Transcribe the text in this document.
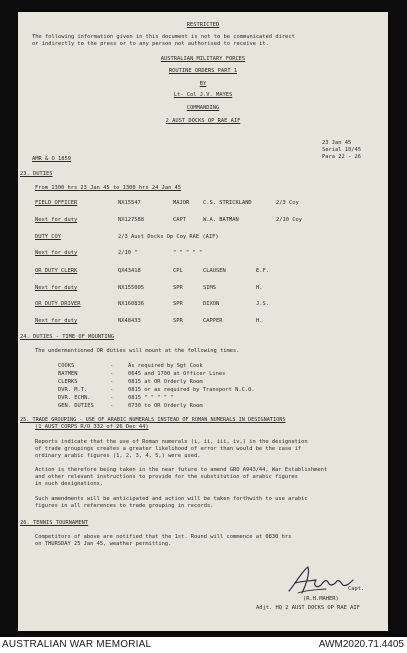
RESTRICTED
The following information given in this document is not to be communicated direct
or indirectly to the press or to any person not authorised to receive it.
AUSTRALIAN MILITARY FORCES
ROUTINE ORDERS PART 1
BY
Lt- Col J.V. MAYES
COMMANDING
2 AUST DOCKS OP RAE AIF
23 Jan 45
Serial 10/45
Para 22 - 26
AMR & O 1859
23. DUTIES
From 1300 hrs 23 Jan 45 to 1300 hrs 24 Jan 45
FIELD OFFICER	NX15547	MAJOR	C.S. STRICKLAND	2/3 Coy
Next for duty	NX127588	CAPT	W.A. BATMAN	2/10 Coy
DUTY COY	2/3 Aust Docks Op Coy RAE (AIF)
Next for duty	2/10 "	" " " " "
OR DUTY CLERK	QX43418	CPL	CLAUSEN	E.F.
Next for duty	NX155005	SPR	SIMS	H.
OR DUTY DRIVER	NX160836	SPR	DIXON	J.S.
Next for duty	NX48433	SPR	CAPPER	H.
24. DUTIES - TIME OF MOUNTING
The undermentioned OR duties will mount at the following times.
COOKS	-	As required by Sgt Cook
BATMEN	-	0645 and 1700 at Officer Lines
CLERKS	-	0815 at OR Orderly Room
DVR. M.T.	-	0815 or as required by Transport N.C.O.
DVR. ECHN.	-	0815 " " " " "
GEN. DUTIES	-	0730 to OR Orderly Room
25. TRADE GROUPING - USE OF ARABIC NUMERALS INSTEAD OF ROMAN NUMERALS IN DESIGNATIONS
(1 AUST CORPS R/O 332 of 26 Dec 44)
Reports indicate that the use of Roman numerals (i, ii, iii, iv,) in the designation
of trade groupings creates a greater likelihood of error than would be the case if
ordinary arabic figures (1, 2, 3, 4, 5,) were used.
Action is therefore being taken in the near future to amend GRO A943/44, War Establishment
and other relevant instructions to provide for the substitution of arabic figures
in such designations.
Such amendments will be anticipated and action will be taken forthwith to use arabic
figures in all references to trade grouping in records.
26. TENNIS TOURNAMENT
Competitors of above are notified that the 1st. Round will commence at 0830 hrs
on THURSDAY 25 Jan 45, weather permitting.
Capt.
(R.H.MAHER)
Adjt. HQ 2 AUST DOCKS OP RAE AIF
AUSTRALIAN WAR MEMORIAL	AWM2020.71.4405
